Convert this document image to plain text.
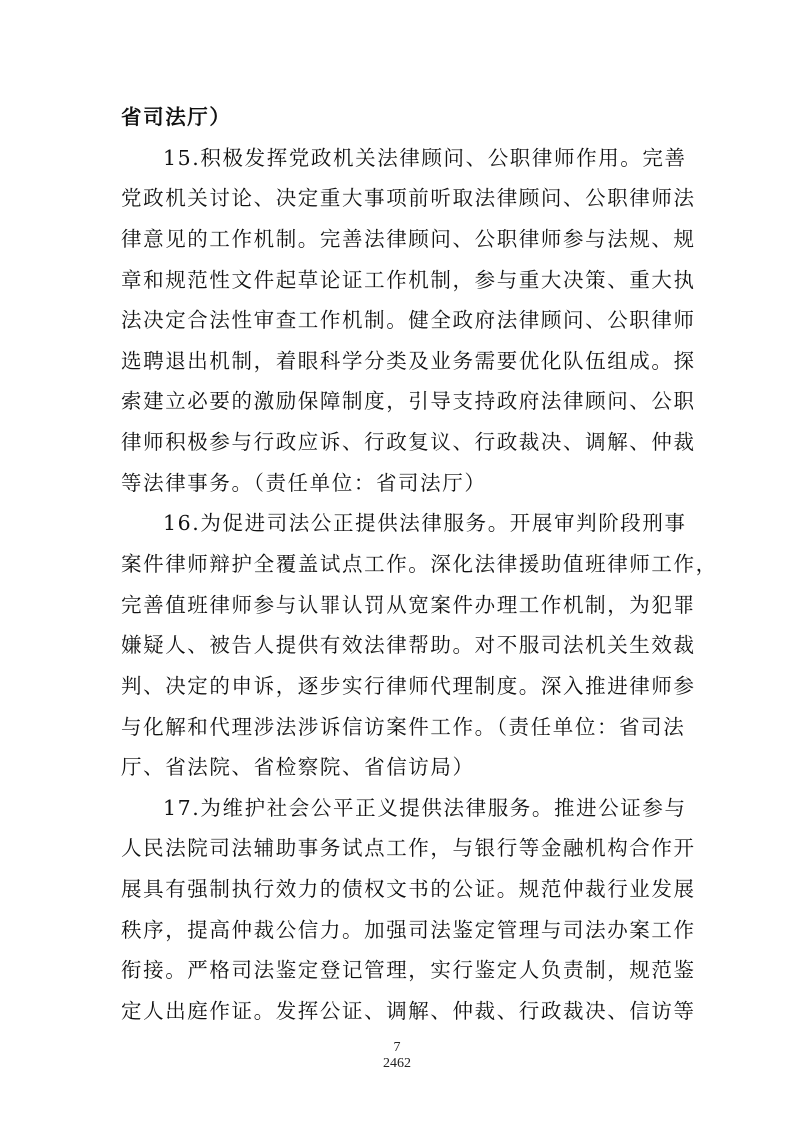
省司法厅）
15.积极发挥党政机关法律顾问、公职律师作用。完善
党政机关讨论、决定重大事项前听取法律顾问、公职律师法
律意见的工作机制。完善法律顾问、公职律师参与法规、规
章和规范性文件起草论证工作机制，参与重大决策、重大执
法决定合法性审查工作机制。健全政府法律顾问、公职律师
选聘退出机制，着眼科学分类及业务需要优化队伍组成。探
索建立必要的激励保障制度，引导支持政府法律顾问、公职
律师积极参与行政应诉、行政复议、行政裁决、调解、仲裁
等法律事务。（责任单位：省司法厅）
16.为促进司法公正提供法律服务。开展审判阶段刑事
案件律师辩护全覆盖试点工作。深化法律援助值班律师工作，
完善值班律师参与认罪认罚从宽案件办理工作机制，为犯罪
嫌疑人、被告人提供有效法律帮助。对不服司法机关生效裁
判、决定的申诉，逐步实行律师代理制度。深入推进律师参
与化解和代理涉法涉诉信访案件工作。（责任单位：省司法
厅、省法院、省检察院、省信访局）
17.为维护社会公平正义提供法律服务。推进公证参与
人民法院司法辅助事务试点工作，与银行等金融机构合作开
展具有强制执行效力的债权文书的公证。规范仲裁行业发展
秩序，提高仲裁公信力。加强司法鉴定管理与司法办案工作
衔接。严格司法鉴定登记管理，实行鉴定人负责制，规范鉴
定人出庭作证。发挥公证、调解、仲裁、行政裁决、信访等
7
2462
